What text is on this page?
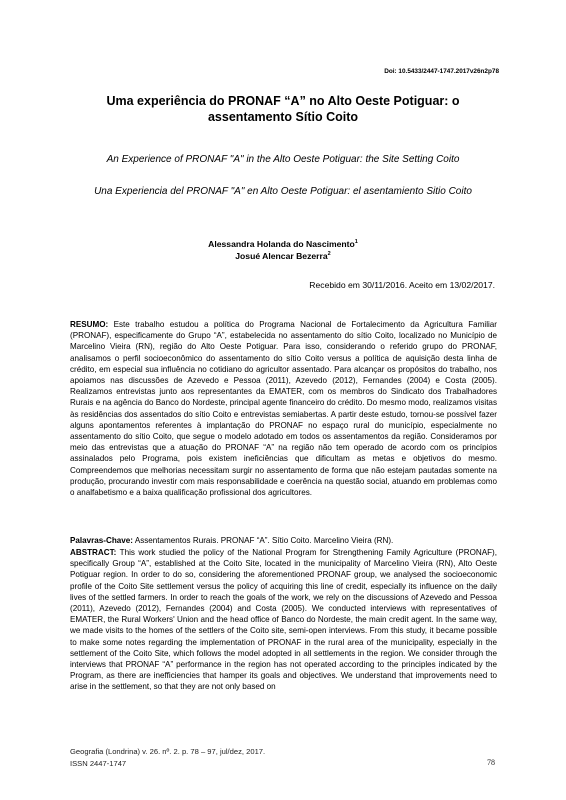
Doi: 10.5433/2447-1747.2017v26n2p78
Uma experiência do PRONAF “A” no Alto Oeste Potiguar: o assentamento Sítio Coito
An Experience of PRONAF "A" in the Alto Oeste Potiguar: the Site Setting Coito
Una Experiencia del PRONAF "A" en Alto Oeste Potiguar: el asentamiento Sitio Coito
Alessandra Holanda do Nascimento$^1$
Josué Alencar Bezerra$^2$
Recebido em 30/11/2016. Aceito em 13/02/2017.
RESUMO: Este trabalho estudou a política do Programa Nacional de Fortalecimento da Agricultura Familiar (PRONAF), especificamente do Grupo “A”, estabelecida no assentamento do sítio Coito, localizado no Município de Marcelino Vieira (RN), região do Alto Oeste Potiguar. Para isso, considerando o referido grupo do PRONAF, analisamos o perfil socioeconômico do assentamento do sítio Coito versus a política de aquisição desta linha de crédito, em especial sua influência no cotidiano do agricultor assentado. Para alcançar os propósitos do trabalho, nos apoiamos nas discussões de Azevedo e Pessoa (2011), Azevedo (2012), Fernandes (2004) e Costa (2005). Realizamos entrevistas junto aos representantes da EMATER, com os membros do Sindicato dos Trabalhadores Rurais e na agência do Banco do Nordeste, principal agente financeiro do crédito. Do mesmo modo, realizamos visitas às residências dos assentados do sítio Coito e entrevistas semiabertas. A partir deste estudo, tornou-se possível fazer alguns apontamentos referentes à implantação do PRONAF no espaço rural do município, especialmente no assentamento do sítio Coito, que segue o modelo adotado em todos os assentamentos da região. Consideramos por meio das entrevistas que a atuação do PRONAF “A” na região não tem operado de acordo com os princípios assinalados pelo Programa, pois existem ineficiências que dificultam as metas e objetivos do mesmo. Compreendemos que melhorias necessitam surgir no assentamento de forma que não estejam pautadas somente na produção, procurando investir com mais responsabilidade e coerência na questão social, atuando em problemas como o analfabetismo e a baixa qualificação profissional dos agricultores.
Palavras-Chave: Assentamentos Rurais. PRONAF “A”. Sítio Coito. Marcelino Vieira (RN).
ABSTRACT: This work studied the policy of the National Program for Strengthening Family Agriculture (PRONAF), specifically Group “A”, established at the Coito Site, located in the municipality of Marcelino Vieira (RN), Alto Oeste Potiguar region. In order to do so, considering the aforementioned PRONAF group, we analysed the socioeconomic profile of the Coito Site settlement versus the policy of acquiring this line of credit, especially its influence on the daily lives of the settled farmers. In order to reach the goals of the work, we rely on the discussions of Azevedo and Pessoa (2011), Azevedo (2012), Fernandes (2004) and Costa (2005). We conducted interviews with representatives of EMATER, the Rural Workers' Union and the head office of Banco do Nordeste, the main credit agent. In the same way, we made visits to the homes of the settlers of the Coito site, semi-open interviews. From this study, it became possible to make some notes regarding the implementation of PRONAF in the rural area of the municipality, especially in the settlement of the Coito Site, which follows the model adopted in all settlements in the region. We consider through the interviews that PRONAF “A” performance in the region has not operated according to the principles indicated by the Program, as there are inefficiencies that hamper its goals and objectives. We understand that improvements need to arise in the settlement, so that they are not only based on
Geografia (Londrina) v. 26. nº. 2. p. 78 – 97, jul/dez, 2017.
ISSN 2447-1747	78
